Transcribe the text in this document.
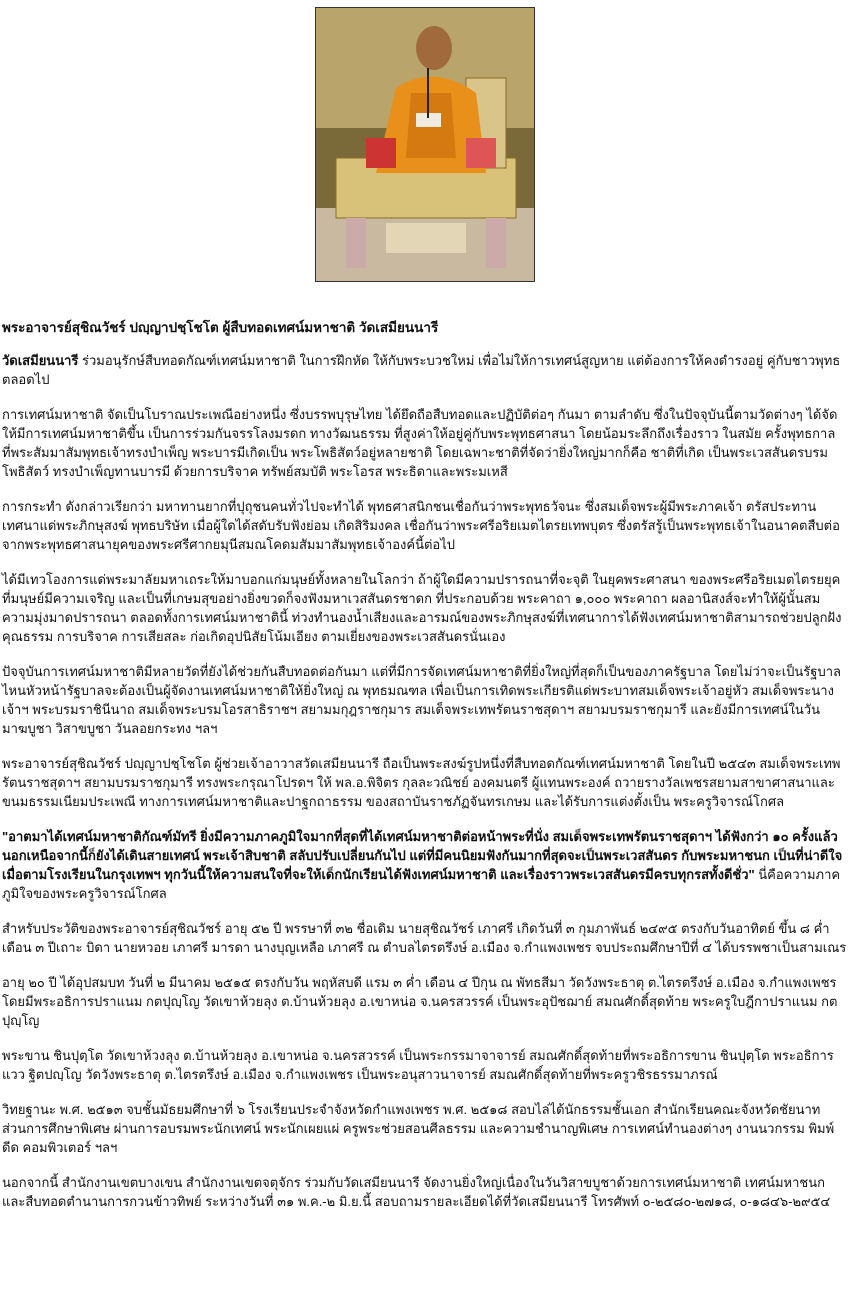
พระอาจารย์สุชิณวัชร์ ปญฺญาปชฺโชโต ผู้สืบทอดเทศน์มหาชาติ วัดเสมียนนารี

วัดเสมียนนารี ร่วมอนุรักษ์สืบทอดกัณฑ์เทศน์มหาชาติ ในการฝึกหัด ให้กับพระบวชใหม่ เพื่อไม่ให้การเทศน์สูญหาย แต่ต้องการให้คงดำรงอยู่ คู่กับชาวพุทธตลอดไป

การเทศน์มหาชาติ จัดเป็นโบราณประเพณีอย่างหนึ่ง ซึ่งบรรพบุรุษไทย ได้ยึดถือสืบทอดและปฏิบัติต่อๆ กันมา ตามลำดับ ซึ่งในปัจจุบันนี้ตามวัดต่างๆ ได้จัดให้มีการเทศน์มหาชาติขึ้น เป็นการร่วมกันจรรโลงมรดก ทางวัฒนธรรม ที่สูงค่าให้อยู่คู่กับพระพุทธศาสนา โดยน้อมระลึกถึงเรื่องราว ในสมัย ครั้งพุทธกาล ที่พระสัมมาสัมพุทธเจ้าทรงบำเพ็ญ พระบารมีเกิดเป็น พระโพธิสัตว์อยู่หลายชาติ โดยเฉพาะชาติที่จัดว่ายิ่งใหญ่มากก็คือ ชาติที่เกิด เป็นพระเวสสันดรบรมโพธิสัตว์ ทรงบำเพ็ญทานบารมี ด้วยการบริจาค ทรัพย์สมบัติ พระโอรส พระธิดาและพระมเหสี

การกระทำ ดังกล่าวเรียกว่า มหาทานยากที่ปุถุชนคนทั่วไปจะทำได้ พุทธศาสนิกชนเชื่อกันว่าพระพุทธวัจนะ ซึ่งสมเด็จพระผู้มีพระภาคเจ้า ตรัสประทานเทศนาแด่พระภิกษุสงฆ์ พุทธบริษัท เมื่อผู้ใดได้สดับรับฟังย่อม เกิดสิริมงคล เชื่อกันว่าพระศรีอริยเมตไตรยเทพบุตร ซึ่งตรัสรู้เป็นพระพุทธเจ้าในอนาคตสืบต่อ จากพระพุทธศาสนายุคของพระศรีศากยมุนีสมณโคดมสัมมาสัมพุทธเจ้าองค์นี้ต่อไป

ได้มีเทวโองการแด่พระมาลัยมหาเถระให้มาบอกแก่มนุษย์ทั้งหลายในโลกว่า ถ้าผู้ใดมีความปรารถนาที่จะจุติ ในยุคพระศาสนา ของพระศรีอริยเมตไตรยยุคที่มนุษย์มีความเจริญ และเป็นที่เกษมสุขอย่างยิ่งขวดก็จงฟังมหาเวสสันดรชาดก ที่ประกอบด้วย พระคาถา ๑,๐๐๐ พระคาถา ผลอานิสงส์จะทำให้ผู้นั้นสมความมุ่งมาดปรารถนา ตลอดทั้งการเทศน์มหาชาตินี้ ท่วงทำนองน้ำเสียงและอารมณ์ของพระภิกษุสงฆ์ที่เทศนาการได้ฟังเทศน์มหาชาติสามารถช่วยปลูกฝังคุณธรรม การบริจาค การเสียสละ ก่อเกิดอุปนิสัยโน้มเอียง ตามเยี่ยงของพระเวสสันดรนั่นเอง

ปัจจุบันการเทศน์มหาชาติมีหลายวัดที่ยังได้ช่วยกันสืบทอดต่อกันมา แต่ที่มีการจัดเทศน์มหาชาติที่ยิ่งใหญ่ที่สุดก็เป็นของภาครัฐบาล โดยไม่ว่าจะเป็นรัฐบาลไหนหัวหน้ารัฐบาลจะต้องเป็นผู้จัดงานเทศน์มหาชาติให้ยิ่งใหญ่ ณ พุทธมณฑล เพื่อเป็นการเทิดพระเกียรติแด่พระบาทสมเด็จพระเจ้าอยู่หัว สมเด็จพระนางเจ้าฯ พระบรมราชินีนาถ สมเด็จพระบรมโอรสาธิราชฯ สยามมกุฎราชกุมาร สมเด็จพระเทพรัตนราชสุดาฯ สยามบรมราชกุมารี และยังมีการเทศน์ในวันมาฆบูชา วิสาขบูชา วันลอยกระทง ฯลฯ

พระอาจารย์สุชิณวัชร์ ปญฺญาปชฺโชโต ผู้ช่วยเจ้าอาวาสวัดเสมียนนารี ถือเป็นพระสงฆ์รูปหนึ่งที่สืบทอดกัณฑ์เทศน์มหาชาติ โดยในปี ๒๕๔๓ สมเด็จพระเทพรัตนราชสุดาฯ สยามบรมราชกุมารี ทรงพระกรุณาโปรดฯ ให้ พล.อ.พิจิตร กุลละวณิชย์ องคมนตรี ผู้แทนพระองค์ ถวายรางวัลเพชรสยามสาขาศาสนาและขนมธรรมเนียมประเพณี ทางการเทศน์มหาชาติและปาฐกถาธรรม ของสถาบันราชภัฏจันทรเกษม และได้รับการแต่งตั้งเป็น พระครูวิจารณ์โกศล

"อาตมาได้เทศน์มหาชาติกัณฑ์มัทรี ยิ่งมีความภาคภูมิใจมากที่สุดที่ได้เทศน์มหาชาติต่อหน้าพระที่นั่ง สมเด็จพระเทพรัตนราชสุดาฯ ได้ฟังกว่า ๑๐ ครั้งแล้ว นอกเหนือจากนี้ก็ยังได้เดินสายเทศน์ พระเจ้าสิบชาติ สลับปรับเปลี่ยนกันไป แต่ที่มีคนนิยมฟังกันมากที่สุดจะเป็นพระเวสสันดร กับพระมหาชนก เป็นที่น่าดีใจเมื่อตามโรงเรียนในกรุงเทพฯ ทุกวันนี้ให้ความสนใจที่จะให้เด็กนักเรียนได้ฟังเทศน์มหาชาติ และเรื่องราวพระเวสสันดรมีครบทุกรสทั้งดีชั่ว" นี่คือความภาคภูมิใจของพระครูวิจารณ์โกศล

สำหรับประวัติของพระอาจารย์สุชิณวัชร์ อายุ ๕๒ ปี พรรษาที่ ๓๒ ชื่อเดิม นายสุชิณวัชร์ เภาศรี เกิดวันที่ ๓ กุมภาพันธ์ ๒๔๙๕ ตรงกับวันอาทิตย์ ขึ้น ๘ ค่ำ เดือน ๓ ปีเถาะ บิดา นายหวอย เภาศรี มารดา นางบุญเหลือ เภาศรี ณ ตำบลไตรตรึงษ์ อ.เมือง จ.กำแพงเพชร จบประถมศึกษาปีที่ ๔ ได้บรรพชาเป็นสามเณร

อายุ ๒๐ ปี ได้อุปสมบท วันที่ ๒ มีนาคม ๒๕๑๕ ตรงกับวัน พฤหัสบดี แรม ๓ ค่ำ เดือน ๔ ปีกุน ณ พัทธสีมา วัดวังพระธาตุ ต.ไตรตรึงษ์ อ.เมือง จ.กำแพงเพชร โดยมีพระอธิการปราแนม กตปุญฺโญ วัดเขาห้วยลุง ต.บ้านห้วยลุง อ.เขาหน่อ จ.นครสวรรค์ เป็นพระอุปัชฌาย์ สมณศักดิ์สุดท้าย พระครูใบฎีกาปราแนม กตปุญฺโญ

พระขาน ชินปุตฺโต วัดเขาห้วงลุง ต.บ้านห้วยลุง อ.เขาหน่อ จ.นครสวรรค์ เป็นพระกรรมาจาจารย์ สมณศักดิ์สุดท้ายที่พระอธิการขาน ชินปุตฺโต พระอธิการแวว ฐิตปญฺโญ วัดวังพระธาตุ ต.ไตรตรึงษ์ อ.เมือง จ.กำแพงเพชร เป็นพระอนุสาวนาจารย์ สมณศักดิ์สุดท้ายที่พระครูวชิรธรรมาภรณ์

วิทยฐานะ พ.ศ. ๒๕๑๓ จบชั้นมัธยมศึกษาที่ ๖ โรงเรียนประจำจังหวัดกำแพงเพชร พ.ศ. ๒๕๑๘ สอบไล่ได้นักธรรมชั้นเอก สำนักเรียนคณะจังหวัดชัยนาท ส่วนการศึกษาพิเศษ ผ่านการอบรมพระนักเทศน์ พระนักเผยแผ่ ครูพระช่วยสอนศีลธรรม และความชำนาญพิเศษ การเทศน์ทำนองต่างๆ งานนวกรรม พิมพ์ดีด คอมพิวเตอร์ ฯลฯ

นอกจากนี้ สำนักงานเขตบางเขน สำนักงานเขตจตุจักร ร่วมกับวัดเสมียนนารี จัดงานยิ่งใหญ่เนื่องในวันวิสาขบูชาด้วยการเทศน์มหาชาติ เทศน์มหาชนก และสืบทอดตำนานการกวนข้าวทิพย์ ระหว่างวันที่ ๓๑ พ.ค.-๒ มิ.ย.นี้ สอบถามรายละเอียดได้ที่วัดเสมียนนารี โทรศัพท์ ๐-๒๕๘๐-๒๗๑๘, ๐-๑๘๔๖-๒๙๕๔
